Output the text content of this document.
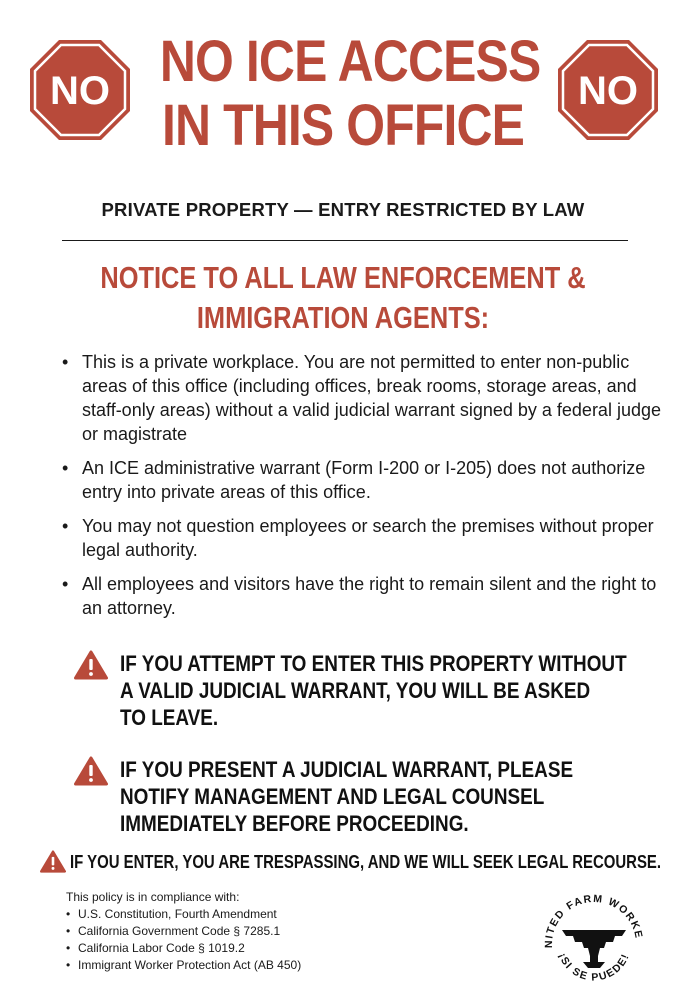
NO	NO
NO ICE ACCESS
IN THIS OFFICE
PRIVATE PROPERTY — ENTRY RESTRICTED BY LAW
NOTICE TO ALL LAW ENFORCEMENT &
IMMIGRATION AGENTS:
• This is a private workplace. You are not permitted to enter non-public areas of this office (including offices, break rooms, storage areas, and staff-only areas) without a valid judicial warrant signed by a federal judge or magistrate
• An ICE administrative warrant (Form I-200 or I-205) does not authorize entry into private areas of this office.
• You may not question employees or search the premises without proper legal authority.
• All employees and visitors have the right to remain silent and the right to an attorney.
IF YOU ATTEMPT TO ENTER THIS PROPERTY WITHOUT
A VALID JUDICIAL WARRANT, YOU WILL BE ASKED
TO LEAVE.
IF YOU PRESENT A JUDICIAL WARRANT, PLEASE
NOTIFY MANAGEMENT AND LEGAL COUNSEL
IMMEDIATELY BEFORE PROCEEDING.
IF YOU ENTER, YOU ARE TRESPASSING, AND WE WILL SEEK LEGAL RECOURSE.
This policy is in compliance with:
• U.S. Constitution, Fourth Amendment
• California Government Code § 7285.1
• California Labor Code § 1019.2
• Immigrant Worker Protection Act (AB 450)
NITED FARM WORKE
¡SI SE PUEDE!
